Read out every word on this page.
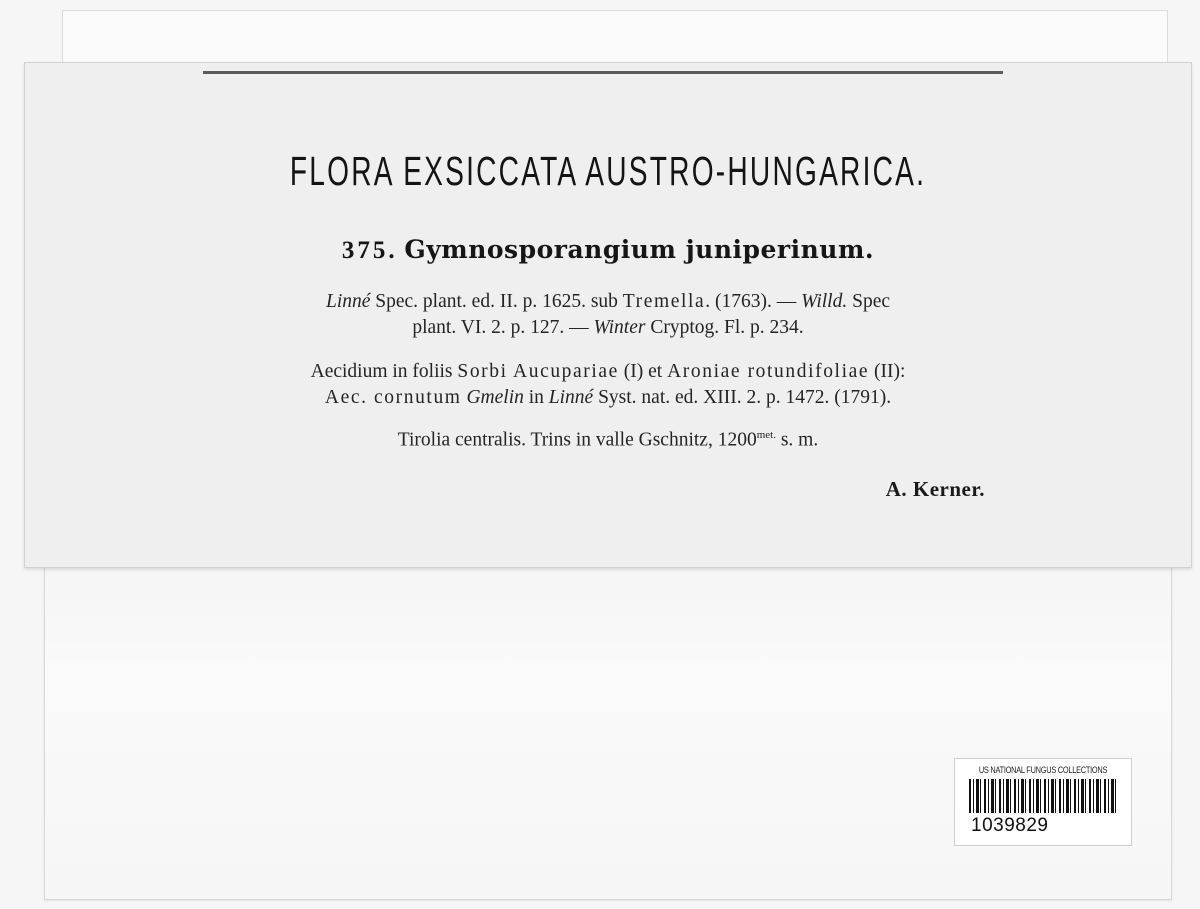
FLORA EXSICCATA AUSTRO-HUNGARICA.
375. Gymnosporangium juniperinum.
Linné Spec. plant. ed. II. p. 1625. sub Tremella. (1763). — Willd. Spec
plant. VI. 2. p. 127. — Winter Cryptog. Fl. p. 234.
Aecidium in foliis Sorbi Aucupariae (I) et Aroniae rotundifoliae (II):
Aec. cornutum Gmelin in Linné Syst. nat. ed. XIII. 2. p. 1472. (1791).
Tirolia centralis. Trins in valle Gschnitz, $1200^{met.}$ s. m.
A. Kerner.
US NATIONAL FUNGUS COLLECTIONS
1039829
